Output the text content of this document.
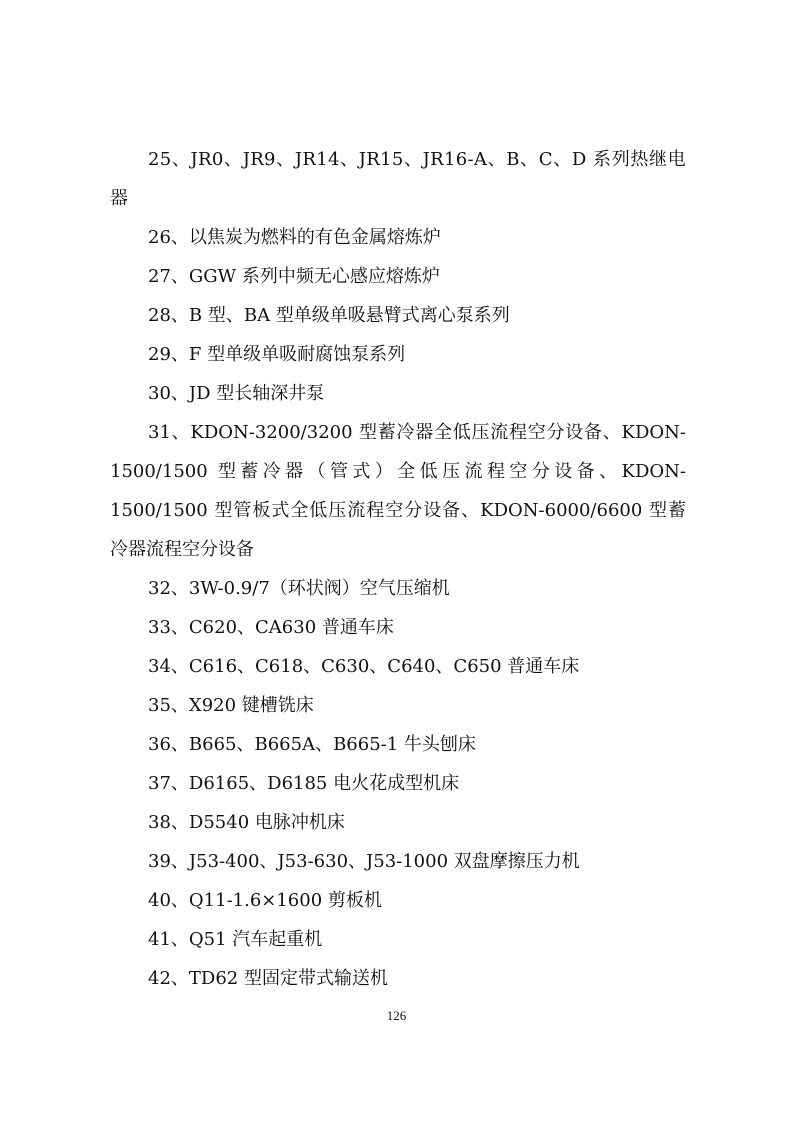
25、JR0、JR9、JR14、JR15、JR16-A、B、C、D 系列热继电器

26、以焦炭为燃料的有色金属熔炼炉

27、GGW 系列中频无心感应熔炼炉

28、B 型、BA 型单级单吸悬臂式离心泵系列

29、F 型单级单吸耐腐蚀泵系列

30、JD 型长轴深井泵

31、KDON-3200/3200 型蓄冷器全低压流程空分设备、KDON-1500/1500 型蓄冷器（管式）全低压流程空分设备、KDON-1500/1500 型管板式全低压流程空分设备、KDON-6000/6600 型蓄冷器流程空分设备

32、3W-0.9/7（环状阀）空气压缩机

33、C620、CA630 普通车床

34、C616、C618、C630、C640、C650 普通车床

35、X920 键槽铣床

36、B665、B665A、B665-1 牛头刨床

37、D6165、D6185 电火花成型机床

38、D5540 电脉冲机床

39、J53-400、J53-630、J53-1000 双盘摩擦压力机

40、Q11-1.6×1600 剪板机

41、Q51 汽车起重机

42、TD62 型固定带式输送机

126
